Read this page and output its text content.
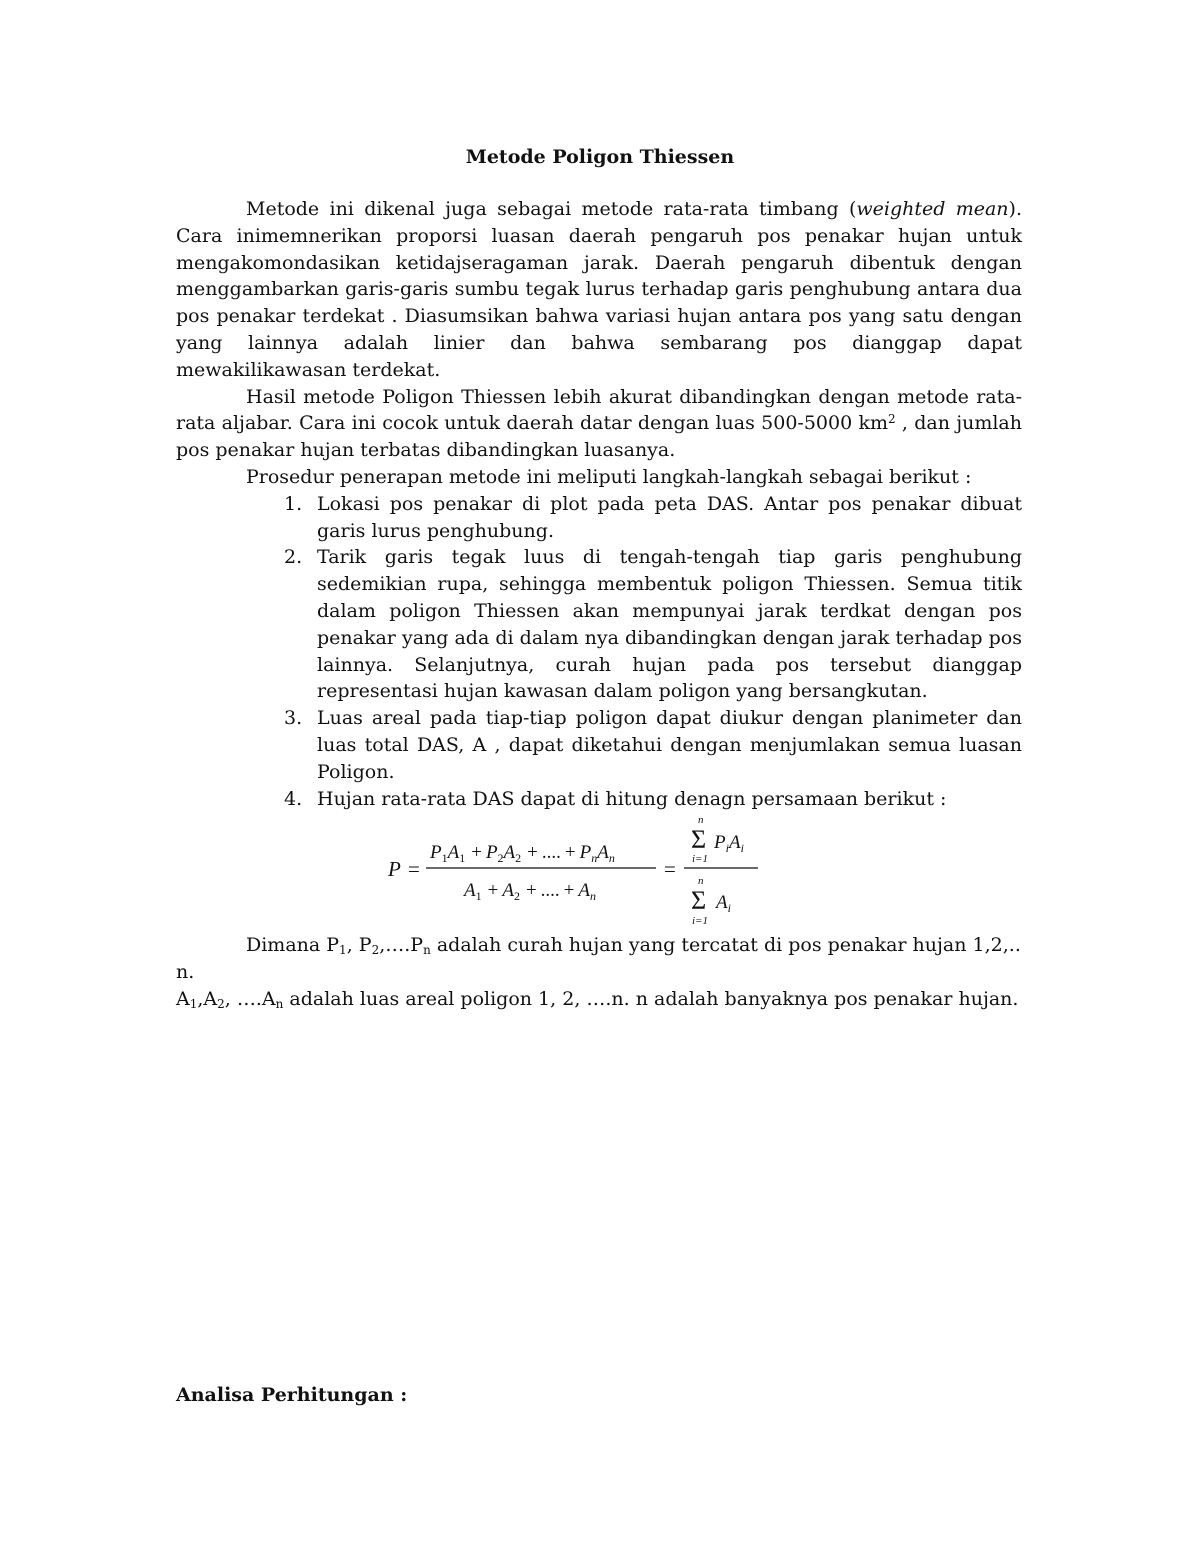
Metode Poligon Thiessen

Metode ini dikenal juga sebagai metode rata-rata timbang (weighted mean). Cara inimemnerikan proporsi luasan daerah pengaruh pos penakar hujan untuk mengakomondasikan ketidajseragaman jarak. Daerah pengaruh dibentuk dengan menggambarkan garis-garis sumbu tegak lurus terhadap garis penghubung antara dua pos penakar terdekat . Diasumsikan bahwa variasi hujan antara pos yang satu dengan yang lainnya adalah linier dan bahwa sembarang pos dianggap dapat mewakilikawasan terdekat.

Hasil metode Poligon Thiessen lebih akurat dibandingkan dengan metode rata-rata aljabar. Cara ini cocok untuk daerah datar dengan luas 500-5000 $km^2$ , dan jumlah pos penakar hujan terbatas dibandingkan luasanya.

Prosedur penerapan metode ini meliputi langkah-langkah sebagai berikut :

1. Lokasi pos penakar di plot pada peta DAS. Antar pos penakar dibuat garis lurus penghubung.
2. Tarik garis tegak luus di tengah-tengah tiap garis penghubung sedemikian rupa, sehingga membentuk poligon Thiessen. Semua titik dalam poligon Thiessen akan mempunyai jarak terdkat dengan pos penakar yang ada di dalam nya dibandingkan dengan jarak terhadap pos lainnya. Selanjutnya, curah hujan pada pos tersebut dianggap representasi hujan kawasan dalam poligon yang bersangkutan.
3. Luas areal pada tiap-tiap poligon dapat diukur dengan planimeter dan luas total DAS, A , dapat diketahui dengan menjumlakan semua luasan Poligon.
4. Hujan rata-rata DAS dapat di hitung denagn persamaan berikut :
P =
$P_1A_1 + P_2A_2$ + .... + $P_nA_n$
$A_1 + A_2$ + .... + $A_n$
=
n
Σ
i=1
$P_iA_i$
n
Σ
i=1
$A_i$

Dimana $P_1$, $P_2,\dots.P_n$ adalah curah hujan yang tercatat di pos penakar hujan 1,2,.. n.

$A_1,A_2$, $\dots.A_n$ adalah luas areal poligon 1, 2, ….n. n adalah banyaknya pos penakar hujan.

Analisa Perhitungan :
